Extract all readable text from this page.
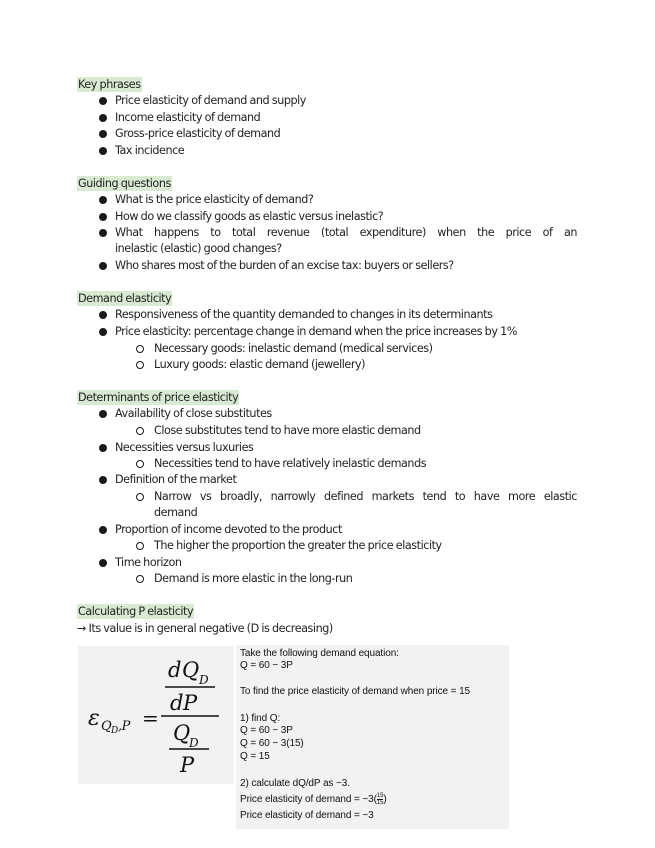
Key phrases
Price elasticity of demand and supply
Income elasticity of demand
Gross-price elasticity of demand
Tax incidence
Guiding questions
What is the price elasticity of demand?
How do we classify goods as elastic versus inelastic?
What happens to total revenue (total expenditure) when the price of an
inelastic (elastic) good changes?
Who shares most of the burden of an excise tax: buyers or sellers?
Demand elasticity
Responsiveness of the quantity demanded to changes in its determinants
Price elasticity: percentage change in demand when the price increases by 1%
Necessary goods: inelastic demand (medical services)
Luxury goods: elastic demand (jewellery)
Determinants of price elasticity
Availability of close substitutes
Close substitutes tend to have more elastic demand
Necessities versus luxuries
Necessities tend to have relatively inelastic demands
Definition of the market
Narrow vs broadly, narrowly defined markets tend to have more elastic
demand
Proportion of income devoted to the product
The higher the proportion the greater the price elasticity
Time horizon
Demand is more elastic in the long-run
Calculating P elasticity
→ Its value is in general negative (D is decreasing)
ε Q D ,P =
d Q D
dP
Q D
P
Take the following demand equation:
Q = 60 − 3P
To find the price elasticity of demand when price = 15
1) find Q:
Q = 60 − 3P
Q = 60 − 3(15)
Q = 15
2) calculate dQ/dP as −3.
Price elasticity of demand = $-3( \frac{15}{15}$ )
Price elasticity of demand = −3
